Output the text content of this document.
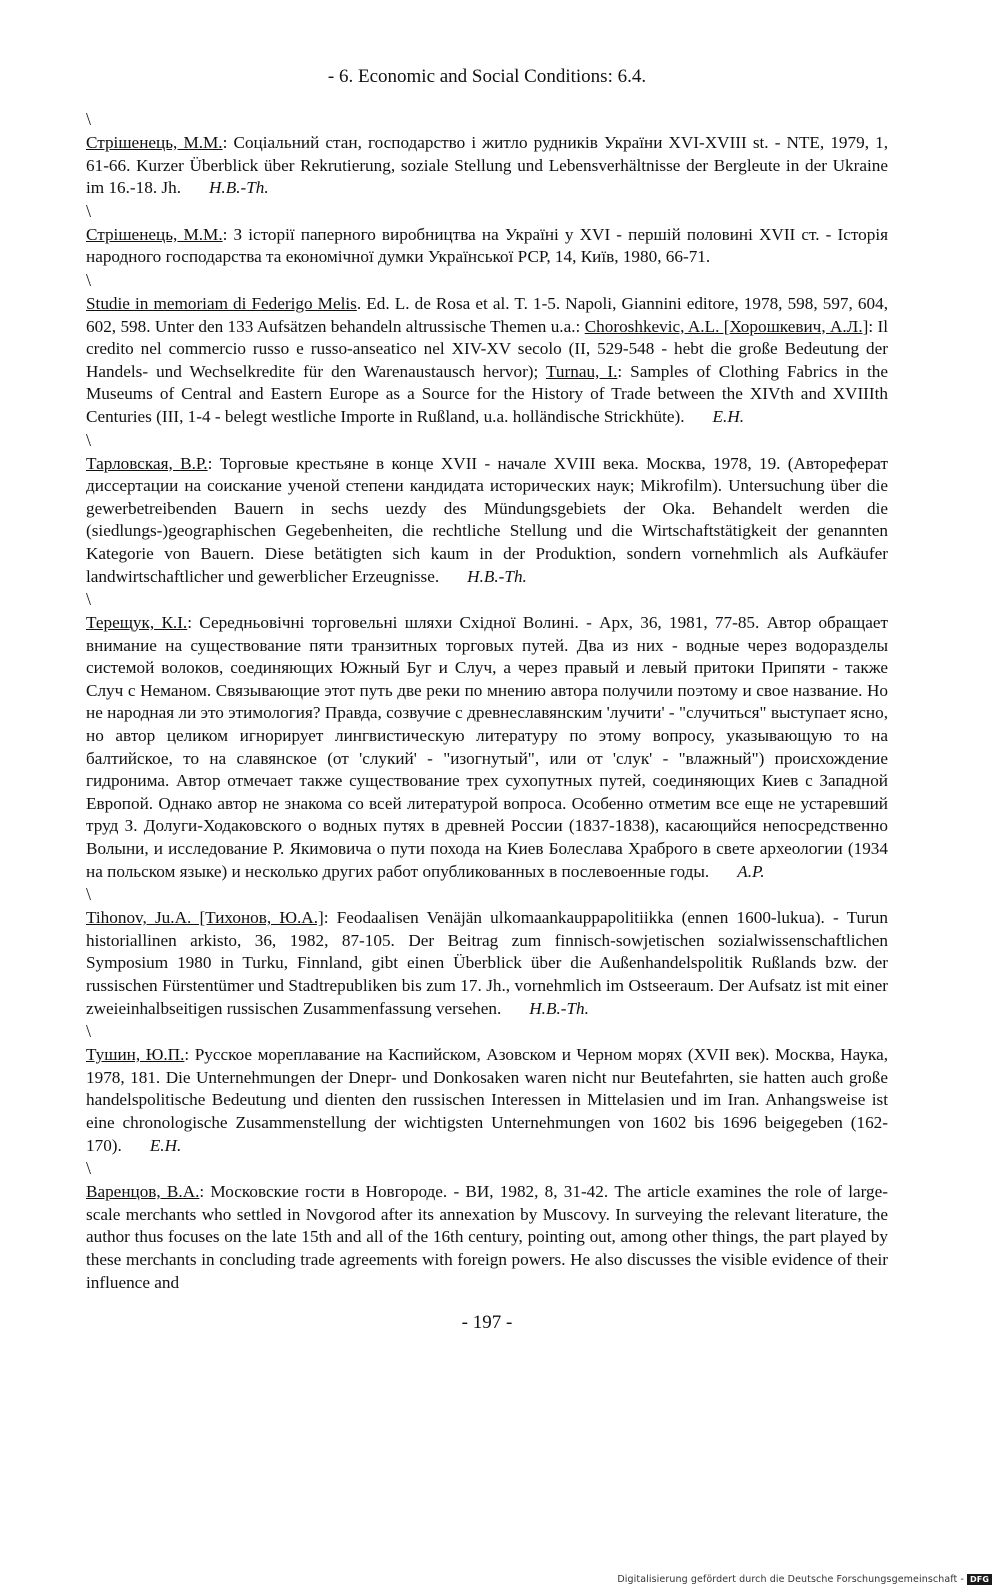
- 6. Economic and Social Conditions: 6.4.
\

Стрішенець, М.М.: Соціальний стан, господарство і житло рудників України XVI-XVIII st. - NTE, 1979, 1, 61-66. Kurzer Überblick über Rekrutierung, soziale Stellung und Lebensverhältnisse der Bergleute in der Ukraine im 16.-18. Jh. H.B.-Th.

\

Стрішенець, М.М.: З історії паперного виробництва на Україні у XVI - першій половині XVII ст. - Історія народного господарства та економічної думки Української РСР, 14, Київ, 1980, 66-71.

\

Studie in memoriam di Federigo Melis. Ed. L. de Rosa et al. T. 1-5. Napoli, Giannini editore, 1978, 598, 597, 604, 602, 598. Unter den 133 Aufsätzen behandeln altrussische Themen u.a.: Choroshkevic, A.L. [Хорошкевич, А.Л.]: Il credito nel commercio russo e russo-anseatico nel XIV-XV secolo (II, 529-548 - hebt die große Bedeutung der Handels- und Wechselkredite für den Warenaustausch hervor); Turnau, I.: Samples of Clothing Fabrics in the Museums of Central and Eastern Europe as a Source for the History of Trade between the XIVth and XVIIIth Centuries (III, 1-4 - belegt westliche Importe in Rußland, u.a. holländische Strickhüte). E.H.

\

Тарловская, В.Р.: Торговые крестьяне в конце XVII - начале XVIII века. Москва, 1978, 19. (Автореферат диссертации на соискание ученой степени кандидата исторических наук; Mikrofilm). Untersuchung über die gewerbetreibenden Bauern in sechs uezdy des Mündungsgebiets der Oka. Behandelt werden die (siedlungs-)geographischen Gegebenheiten, die rechtliche Stellung und die Wirtschaftstätigkeit der genannten Kategorie von Bauern. Diese betätigten sich kaum in der Produktion, sondern vornehmlich als Aufkäufer landwirtschaftlicher und gewerblicher Erzeugnisse. H.B.-Th.

\

Терещук, К.І.: Середньовічні торговельні шляхи Східної Волині. - Арх, 36, 1981, 77-85. Автор обращает внимание на существование пяти транзитных торговых путей. Два из них - водные через водоразделы системой волоков, соединяющих Южный Буг и Случ, а через правый и левый притоки Припяти - также Случ с Неманом. Связывающие этот путь две реки по мнению автора получили поэтому и свое название. Но не народная ли это этимология? Правда, созвучие с древнеславянским 'лучити' - "случиться" выступает ясно, но автор целиком игнорирует лингвистическую литературу по этому вопросу, указывающую то на балтийское, то на славянское (от 'слукий' - "изогнутый", или от 'слук' - "влажный") происхождение гидронима. Автор отмечает также существование трех сухопутных путей, соединяющих Киев с Западной Европой. Однако автор не знакома со всей литературой вопроса. Особенно отметим все еще не устаревший труд З. Долуги-Ходаковского о водных путях в древней России (1837-1838), касающийся непосредственно Волыни, и исследование Р. Якимовича о пути похода на Киев Болеслава Храброго в свете археологии (1934 на польском языке) и несколько других работ опубликованных в послевоенные годы. A.P.

\

Tihonov, Ju.A. [Тихонов, Ю.А.]: Feodaalisen Venäjän ulkomaankauppapolitiikka (ennen 1600-lukua). - Turun historiallinen arkisto, 36, 1982, 87-105. Der Beitrag zum finnisch-sowjetischen sozialwissenschaftlichen Symposium 1980 in Turku, Finnland, gibt einen Überblick über die Außenhandelspolitik Rußlands bzw. der russischen Fürstentümer und Stadtrepubliken bis zum 17. Jh., vornehmlich im Ostseeraum. Der Aufsatz ist mit einer zweieinhalbseitigen russischen Zusammenfassung versehen. H.B.-Th.

\

Тушин, Ю.П.: Русское мореплавание на Каспийском, Азовском и Черном морях (XVII век). Москва, Наука, 1978, 181. Die Unternehmungen der Dnepr- und Donkosaken waren nicht nur Beutefahrten, sie hatten auch große handelspolitische Bedeutung und dienten den russischen Interessen in Mittelasien und im Iran. Anhangsweise ist eine chronologische Zusammenstellung der wichtigsten Unternehmungen von 1602 bis 1696 beigegeben (162-170). E.H.

\

Варенцов, В.А.: Московские гости в Новгороде. - ВИ, 1982, 8, 31-42. The article examines the role of large-scale merchants who settled in Novgorod after its annexation by Muscovy. In surveying the relevant literature, the author thus focuses on the late 15th and all of the 16th century, pointing out, among other things, the part played by these merchants in concluding trade agreements with foreign powers. He also discusses the visible evidence of their influence and

- 197 -
Digitalisierung gefördert durch die Deutsche Forschungsgemeinschaft - DFG
